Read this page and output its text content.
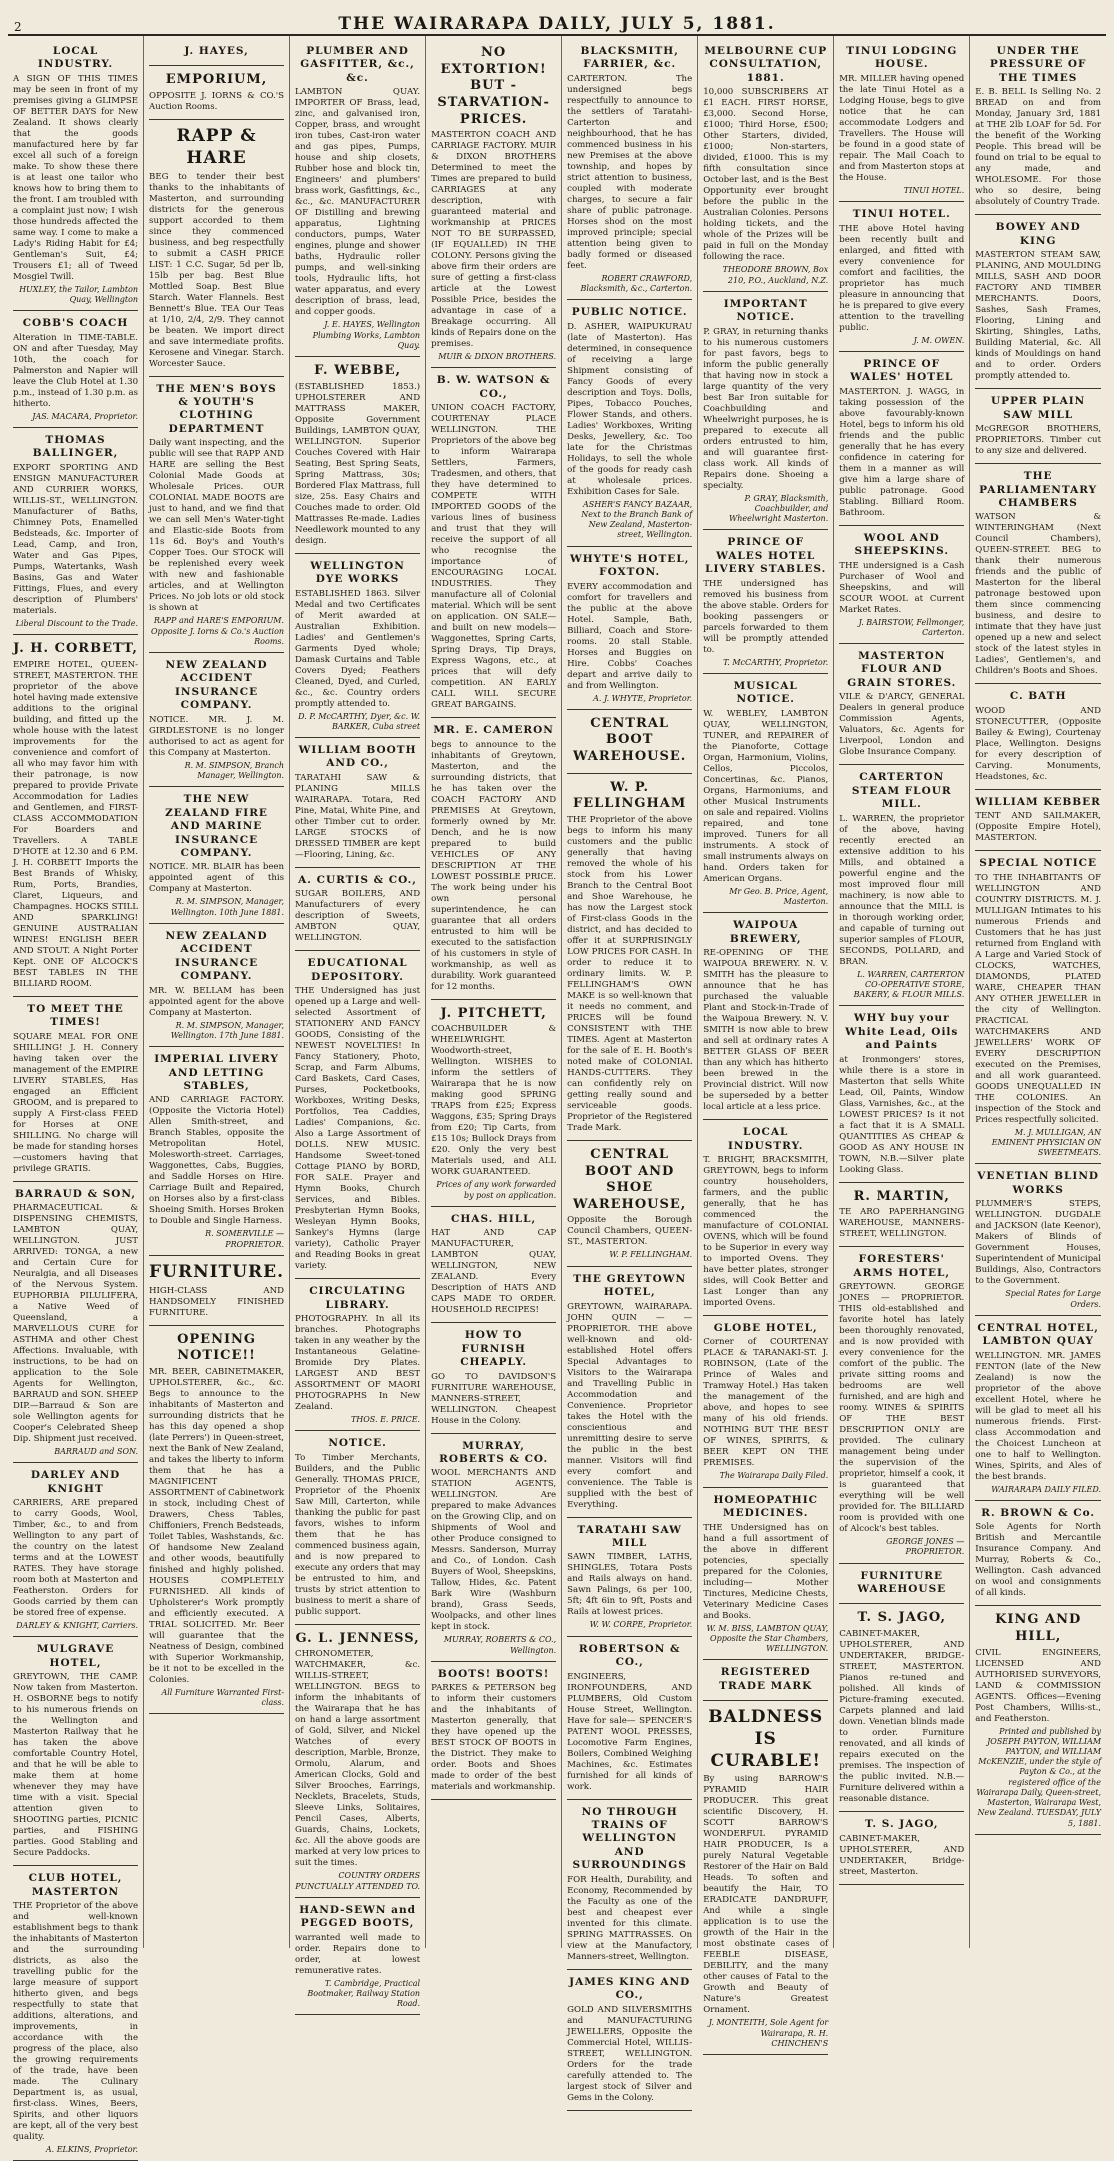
2	THE WAIRARAPA DAILY, JULY 5, 1881.
LOCAL INDUSTRY.
A SIGN OF THIS TIMES may be seen in front of my premises giving a GLIMPSE OF BETTER DAYS for New Zealand. It shows clearly that the goods manufactured here by far excel all such of a foreign make. To show these there is at least one tailor who knows how to bring them to the front. I am troubled with a complaint just now; I wish those hundreds affected the same way. I come to make a Lady's Riding Habit for £4; Gentleman's Suit, £4; Trousers £1; all of Tweed Mosgiel Twill.
HUXLEY, the Tailor, Lambton Quay, Wellington
COBB'S COACH
Alteration in TIME-TABLE. ON and after Tuesday, May 10th, the coach for Palmerston and Napier will leave the Club Hotel at 1.30 p.m., instead of 1.30 p.m. as hitherto.
JAS. MACARA, Proprietor.
THOMAS BALLINGER,
EXPORT SPORTING AND ENSIGN MANUFACTURER AND CURRIER WORKS, WILLIS-ST., WELLINGTON. Manufacturer of Baths, Chimney Pots, Enamelled Bedsteads, &c. Importer of Lead, Camp, and Iron, Water and Gas Pipes, Pumps, Watertanks, Wash Basins, Gas and Water Fittings, Flues, and every description of Plumbers' materials.
Liberal Discount to the Trade.
J. H. CORBETT,
EMPIRE HOTEL, QUEEN-STREET, MASTERTON. THE proprietor of the above hotel having made extensive additions to the original building, and fitted up the whole house with the latest improvements for the convenience and comfort of all who may favor him with their patronage, is now prepared to provide Private Accommodation for Ladies and Gentlemen, and FIRST-CLASS ACCOMMODATION For Boarders and Travellers. A TABLE D'HOTE at 12.30 and 6 P.M. J. H. CORBETT Imports the Best Brands of Whisky, Rum, Ports, Brandies, Claret, Liqueurs, and Champagnes. HOCKS STILL AND SPARKLING! GENUINE AUSTRALIAN WINES! ENGLISH BEER AND STOUT. A Night Porter Kept. ONE OF ALCOCK'S BEST TABLES IN THE BILLIARD ROOM.
TO MEET THE TIMES!
SQUARE MEAL FOR ONE SHILLING! J. H. Connery having taken over the management of the EMPIRE LIVERY STABLES, Has engaged an Efficient GROOM, and is prepared to supply A First-class FEED for Horses at ONE SHILLING. No charge will be made for standing horses—customers having that privilege GRATIS.
BARRAUD & SON,
PHARMACEUTICAL & DISPENSING CHEMISTS, LAMBTON QUAY, WELLINGTON. JUST ARRIVED: TONGA, a new and Certain Cure for Neuralgia, and all Diseases of the Nervous System. EUPHORBIA PILULIFERA, a Native Weed of Queensland, a MARVELLOUS CURE for ASTHMA and other Chest Affections. Invaluable, with instructions, to be had on application to the Sole Agents for Wellington, BARRAUD and SON. SHEEP DIP.—Barraud & Son are sole Wellington agents for Cooper's Celebrated Sheep Dip. Shipment just received.
BARRAUD and SON.
DARLEY AND KNIGHT
CARRIERS, ARE prepared to carry Goods, Wool, Timber, &c., to and from Wellington to any part of the country on the latest terms and at the LOWEST RATES. They have storage room both at Masterton and Featherston. Orders for Goods carried by them can be stored free of expense.
DARLEY & KNIGHT, Carriers.
MULGRAVE HOTEL,
GREYTOWN, THE CAMP. Now taken from Masterton. H. OSBORNE begs to notify to his numerous friends on the Wellington and Masterton Railway that he has taken the above comfortable Country Hotel, and that he will be able to make them at home whenever they may have time with a visit. Special attention given to SHOOTING parties, PICNIC parties, and FISHING parties. Good Stabling and Secure Paddocks.
CLUB HOTEL, MASTERTON
THE Proprietor of the above and well-known establishment begs to thank the inhabitants of Masterton and the surrounding districts, as also the travelling public for the large measure of support hitherto given, and begs respectfully to state that additions, alterations, and improvements, in accordance with the progress of the place, also the growing requirements of the trade, have been made. The Culinary Department is, as usual, first-class. Wines, Beers, Spirits, and other liquors are kept, all of the very best quality.
A. ELKINS, Proprietor.
J. HAYES,
EMPORIUM,
OPPOSITE J. IORNS & CO.'S Auction Rooms.
RAPP & HARE
BEG to tender their best thanks to the inhabitants of Masterton, and surrounding districts for the generous support accorded to them since they commenced business, and beg respectfully to submit a CASH PRICE LIST: 1 C.C. Sugar, 5d per lb, 15lb per bag. Best Blue Mottled Soap. Best Blue Starch. Water Flannels. Best Bennett's Blue. TEA Our Teas at 1/10, 2/4, 2/9. They cannot be beaten. We import direct and save intermediate profits. Kerosene and Vinegar. Starch. Worcester Sauce.
THE MEN'S BOYS & YOUTH'S CLOTHING DEPARTMENT
Daily want inspecting, and the public will see that RAPP AND HARE are selling the Best Colonial Made Goods at Wholesale Prices. OUR COLONIAL MADE BOOTS are just to hand, and we find that we can sell Men's Water-tight and Elastic-side Boots from 11s 6d. Boy's and Youth's Copper Toes. Our STOCK will be replenished every week with new and fashionable articles, and at Wellington Prices. No job lots or old stock is shown at
RAPP and HARE'S EMPORIUM. Opposite J. Iorns & Co.'s Auction Rooms.
NEW ZEALAND ACCIDENT INSURANCE COMPANY.
NOTICE. MR. J. M. GIRDLESTONE is no longer authorised to act as agent for this Company at Masterton.
R. M. SIMPSON, Branch Manager, Wellington.
THE NEW ZEALAND FIRE AND MARINE INSURANCE COMPANY.
NOTICE. MR. BLAIR has been appointed agent of this Company at Masterton.
R. M. SIMPSON, Manager, Wellington. 10th June 1881.
NEW ZEALAND ACCIDENT INSURANCE COMPANY.
MR. W. BELLAM has been appointed agent for the above Company at Masterton.
R. M. SIMPSON, Manager, Wellington. 17th June 1881.
IMPERIAL LIVERY AND LETTING STABLES,
AND CARRIAGE FACTORY. (Opposite the Victoria Hotel) Allen Smith-street, and Branch Stables, opposite the Metropolitan Hotel, Molesworth-street. Carriages, Waggonettes, Cabs, Buggies, and Saddle Horses on Hire. Carriage Built and Repaired, on Horses also by a first-class Shoeing Smith. Horses Broken to Double and Single Harness.
R. SOMERVILLE — PROPRIETOR.
FURNITURE.
HIGH-CLASS AND HANDSOMELY FINISHED FURNITURE.
OPENING NOTICE!!
MR. BEER, CABINETMAKER, UPHOLSTERER, &c., &c. Begs to announce to the inhabitants of Masterton and surrounding districts that he has this day opened a shop (late Perrers') in Queen-street, next the Bank of New Zealand, and takes the liberty to inform them that he has a MAGNIFICENT ASSORTMENT of Cabinetwork in stock, including Chest of Drawers, Chess Tables, Chiffoniers, French Bedsteads, Toilet Tables, Washstands, &c. Of handsome New Zealand and other woods, beautifully finished and highly polished. HOUSES COMPLETELY FURNISHED. All kinds of Upholsterer's Work promptly and efficiently executed. A TRIAL SOLICITED. Mr. Beer will guarantee that the Neatness of Design, combined with Superior Workmanship, be it not to be excelled in the Colonies.
All Furniture Warranted First-class.
PLUMBER AND GASFITTER, &c., &c.
LAMBTON QUAY. IMPORTER OF Brass, lead, zinc, and galvanised iron, Copper, brass, and wrought iron tubes, Cast-iron water and gas pipes, Pumps, house and ship closets, Rubber hose and block tin, Engineers' and plumbers' brass work, Gasfittings, &c., &c., &c. MANUFACTURER OF Distilling and brewing apparatus, Lightning conductors, pumps, Water engines, plunge and shower baths, Hydraulic roller pumps, and well-sinking tools, Hydraulic lifts, hot water apparatus, and every description of brass, lead, and copper goods.
J. E. HAYES, Wellington Plumbing Works, Lambton Quay.
F. WEBBE,
(ESTABLISHED 1853.) UPHOLSTERER AND MATTRASS MAKER, Opposite Government Buildings, LAMBTON QUAY, WELLINGTON. Superior Couches Covered with Hair Seating, Best Spring Seats, Spring Mattrass, 30s; Bordered Flax Mattrass, full size, 25s. Easy Chairs and Couches made to order. Old Mattrasses Re-made. Ladies Needlework mounted to any design.
WELLINGTON DYE WORKS
ESTABLISHED 1863. Silver Medal and two Certificates of Merit awarded at Australian Exhibition. Ladies' and Gentlemen's Garments Dyed whole; Damask Curtains and Table Covers Dyed; Feathers Cleaned, Dyed, and Curled, &c., &c. Country orders promptly attended to.
D. P. McCARTHY, Dyer, &c. W. BARKER, Cuba street
WILLIAM BOOTH AND CO.,
TARATAHI SAW & PLANING MILLS WAIRARAPA. Totara, Red Pine, Matai, White Pine, and other Timber cut to order. LARGE STOCKS of DRESSED TIMBER are kept—Flooring, Lining, &c.
A. CURTIS & CO.,
SUGAR BOILERS, AND Manufacturers of every description of Sweets, AMBTON QUAY, WELLINGTON.
EDUCATIONAL DEPOSITORY.
THE Undersigned has just opened up a Large and well-selected Assortment of STATIONERY AND FANCY GOODS, Consisting of the NEWEST NOVELTIES! In Fancy Stationery, Photo, Scrap, and Farm Albums, Card Baskets, Card Cases, Purses, Pocketbooks, Workboxes, Writing Desks, Portfolios, Tea Caddies, Ladies' Companions, &c. Also a Large Assortment of DOLLS. NEW MUSIC. Handsome Sweet-toned Cottage PIANO by BORD, FOR SALE. Prayer and Hymn Books, Church Services, and Bibles. Presbyterian Hymn Books, Wesleyan Hymn Books, Sankey's Hymns (large variety), Catholic Prayer and Reading Books in great variety.
CIRCULATING LIBRARY.
PHOTOGRAPHY. In all its branches. Photographs taken in any weather by the Instantaneous Gelatine-Bromide Dry Plates. LARGEST AND BEST ASSORTMENT OF MAORI PHOTOGRAPHS In New Zealand.
THOS. E. PRICE.
NOTICE.
To Timber Merchants, Builders, and the Public Generally. THOMAS PRICE, Proprietor of the Phoenix Saw Mill, Carterton, while thanking the public for past favors, wishes to inform them that he has commenced business again, and is now prepared to execute any orders that may be entrusted to him, and trusts by strict attention to business to merit a share of public support.
G. L. JENNESS,
CHRONOMETER, WATCHMAKER, &c. WILLIS-STREET, WELLINGTON. BEGS to inform the inhabitants of the Wairarapa that he has on hand a large assortment of Gold, Silver, and Nickel Watches of every description, Marble, Bronze, Ormolu, Alarum, and American Clocks, Gold and Silver Brooches, Earrings, Necklets, Bracelets, Studs, Sleeve Links, Solitaires, Pencil Cases, Alberts, Guards, Chains, Lockets, &c. All the above goods are marked at very low prices to suit the times.
COUNTRY ORDERS PUNCTUALLY ATTENDED TO.
HAND-SEWN and PEGGED BOOTS,
warranted well made to order. Repairs done to order, at lowest remunerative rates.
T. Cambridge, Practical Bootmaker, Railway Station Road.
NO EXTORTION! BUT -STARVATION- PRICES.
MASTERTON COACH AND CARRIAGE FACTORY. MUIR & DIXON BROTHERS Determined to meet the Times are prepared to build CARRIAGES at any description, with guaranteed material and workmanship at PRICES NOT TO BE SURPASSED, (IF EQUALLED) IN THE COLONY. Persons giving the above firm their orders are sure of getting a first-class article at the Lowest Possible Price, besides the advantage in case of a Breakage occurring. All kinds of Repairs done on the premises.
MUIR & DIXON BROTHERS.
B. W. WATSON & CO.,
UNION COACH FACTORY, COURTENAY PLACE WELLINGTON. THE Proprietors of the above beg to inform Wairarapa Settlers, Farmers, Tradesmen, and others, that they have determined to COMPETE WITH IMPORTED GOODS of the various lines of business and trust that they will receive the support of all who recognise the importance of ENCOURAGING LOCAL INDUSTRIES. They manufacture all of Colonial material. Which will be sent on application. ON SALE—and built on new models—Waggonettes, Spring Carts, Spring Drays, Tip Drays, Express Wagons, etc., at prices that will defy competition. AN EARLY CALL WILL SECURE GREAT BARGAINS.
MR. E. CAMERON
begs to announce to the inhabitants of Greytown, Masterton, and the surrounding districts, that he has taken over the COACH FACTORY AND PREMISES At Greytown, formerly owned by Mr. Dench, and he is now prepared to build VEHICLES OF ANY DESCRIPTION AT THE LOWEST POSSIBLE PRICE. The work being under his own personal superintendence, he can guarantee that all orders entrusted to him will be executed to the satisfaction of his customers in style of workmanship, as well as durability. Work guaranteed for 12 months.
J. PITCHETT,
COACHBUILDER & WHEELWRIGHT. Woodworth-street, Wellington. WISHES to inform the settlers of Wairarapa that he is now making good SPRING TRAPS from £25; Express Waggons, £35; Spring Drays from £20; Tip Carts, from £15 10s; Bullock Drays from £20. Only the very best Materials used, and ALL WORK GUARANTEED.
Prices of any work forwarded by post on application.
CHAS. HILL,
HAT AND CAP MANUFACTURER, LAMBTON QUAY, WELLINGTON, NEW ZEALAND. Every Description of HATS AND CAPS MADE TO ORDER. HOUSEHOLD RECIPES!
HOW TO FURNISH CHEAPLY.
GO TO DAVIDSON'S FURNITURE WAREHOUSE, MANNERS-STREET, WELLINGTON. Cheapest House in the Colony.
MURRAY, ROBERTS & CO.
WOOL MERCHANTS AND STATION AGENTS, WELLINGTON. Are prepared to make Advances on the Growing Clip, and on Shipments of Wool and other Produce consigned to Messrs. Sanderson, Murray and Co., of London. Cash Buyers of Wool, Sheepskins, Tallow, Hides, &c. Patent Bark Wire (Washburn brand), Grass Seeds, Woolpacks, and other lines kept in stock.
MURRAY, ROBERTS & CO., Wellington.
BOOTS! BOOTS!
PARKES & PETERSON beg to inform their customers and the inhabitants of Masterton generally, that they have opened up the BEST STOCK OF BOOTS in the District. They make to order. Boots and Shoes made to order of the best materials and workmanship.
BLACKSMITH, FARRIER, &c.
CARTERTON. The undersigned begs respectfully to announce to the settlers of Taratahi-Carterton and neighbourhood, that he has commenced business in his new Premises at the above township, and hopes by strict attention to business, coupled with moderate charges, to secure a fair share of public patronage. Horses shod on the most improved principle; special attention being given to badly formed or diseased feet.
ROBERT CRAWFORD, Blacksmith, &c., Carterton.
PUBLIC NOTICE.
D. ASHER, WAIPUKURAU (late of Masterton). Has determined, in consequence of receiving a large Shipment consisting of Fancy Goods of every description and Toys. Dolls, Pipes, Tobacco Pouches, Flower Stands, and others. Ladies' Workboxes, Writing Desks, Jewellery, &c. Too late for the Christmas Holidays, to sell the whole of the goods for ready cash at wholesale prices. Exhibition Cases for Sale.
ASHER'S FANCY BAZAAR, Next to the Branch Bank of New Zealand, Masterton-street, Wellington.
WHYTE'S HOTEL, FOXTON.
EVERY accommodation and comfort for travellers and the public at the above Hotel. Sample, Bath, Billiard, Coach and Store-rooms. 20 stall Stable. Horses and Buggies on Hire. Cobbs' Coaches depart and arrive daily to and from Wellington.
A. J. WHYTE, Proprietor.
CENTRAL BOOT WAREHOUSE.
W. P. FELLINGHAM
THE Proprietor of the above begs to inform his many customers and the public generally that having removed the whole of his stock from his Lower Branch to the Central Boot and Shoe Warehouse, he has now the Largest stock of First-class Goods in the district, and has decided to offer it at SURPRISINGLY LOW PRICES FOR CASH. In order to reduce it to ordinary limits. W. P. FELLINGHAM'S OWN MAKE is so well-known that it needs no comment, and PRICES will be found CONSISTENT with THE TIMES. Agent at Masterton for the sale of E. H. Booth's noted make of COLONIAL HANDS-CUTTERS. They can confidently rely on getting really sound and serviceable goods. Proprietor of the Registered Trade Mark.
CENTRAL BOOT AND SHOE WAREHOUSE,
Opposite the Borough Council Chambers, QUEEN-ST., MASTERTON.
W. P. FELLINGHAM.
THE GREYTOWN HOTEL,
GREYTOWN, WAIRARAPA. JOHN QUIN — — PROPRIETOR. THE above well-known and old-established Hotel offers Special Advantages to Visitors to the Wairarapa and Travelling Public in Accommodation and Convenience. Proprietor takes the Hotel with the conscientious and unremitting desire to serve the public in the best manner. Visitors will find every comfort and convenience. The Table is supplied with the best of Everything.
TARATAHI SAW MILL
SAWN TIMBER, LATHS, SHINGLES, Totara Posts and Rails always on hand. Sawn Palings, 6s per 100, 5ft; 4ft 6in to 9ft, Posts and Rails at lowest prices.
W. W. CORPE, Proprietor.
ROBERTSON & CO.,
ENGINEERS, IRONFOUNDERS, AND PLUMBERS, Old Custom House Street, Wellington. Have for sale— SPENCER'S PATENT WOOL PRESSES, Locomotive Farm Engines, Boilers, Combined Weighing Machines, &c. Estimates furnished for all kinds of work.
NO THROUGH TRAINS OF WELLINGTON AND SURROUNDINGS
FOR Health, Durability, and Economy, Recommended by the Faculty as one of the best and cheapest ever invented for this climate. SPRING MATTRASSES. On view at the Manufactory, Manners-street, Wellington.
JAMES KING AND CO.,
GOLD AND SILVERSMITHS and MANUFACTURING JEWELLERS, Opposite the Commercial Hotel, WILLIS-STREET, WELLINGTON. Orders for the trade carefully attended to. The largest stock of Silver and Gems in the Colony.
MELBOURNE CUP CONSULTATION, 1881.
10,000 SUBSCRIBERS AT £1 EACH. FIRST HORSE, £3,000. Second Horse, £1000; Third Horse, £500; Other Starters, divided, £1000; Non-starters, divided, £1000. This is my fifth consultation since October last, and is the Best Opportunity ever brought before the public in the Australian Colonies. Persons holding tickets, and the whole of the Prizes will be paid in full on the Monday following the race.
THEODORE BROWN, Box 210, P.O., Auckland, N.Z.
IMPORTANT NOTICE.
P. GRAY, in returning thanks to his numerous customers for past favors, begs to inform the public generally that having now in stock a large quantity of the very best Bar Iron suitable for Coachbuilding and Wheelwright purposes, he is prepared to execute all orders entrusted to him, and will guarantee first-class work. All kinds of Repairs done. Shoeing a specialty.
P. GRAY, Blacksmith, Coachbuilder, and Wheelwright Masterton.
PRINCE OF WALES HOTEL LIVERY STABLES.
THE undersigned has removed his business from the above stable. Orders for booking passengers or parcels forwarded to them will be promptly attended to.
T. McCARTHY, Proprietor.
MUSICAL NOTICE.
W. WEBLEY, LAMBTON QUAY, WELLINGTON, TUNER, and REPAIRER of the Pianoforte, Cottage Organ, Harmonium, Violins, Cellos, Piccolos, Concertinas, &c. Pianos, Organs, Harmoniums, and other Musical Instruments on sale and repaired. Violins repaired, and tone improved. Tuners for all instruments. A stock of small instruments always on hand. Orders taken for American Organs.
Mr Geo. B. Price, Agent, Masterton.
WAIPOUA BREWERY,
RE-OPENING OF THE WAIPOUA BREWERY. N. V. SMITH has the pleasure to announce that he has purchased the valuable Plant and Stock-in-Trade of the Waipoua Brewery. N. V. SMITH is now able to brew and sell at ordinary rates A BETTER GLASS OF BEER than any which has hitherto been brewed in the Provincial district. Will now be superseded by a better local article at a less price.
LOCAL INDUSTRY.
T. BRIGHT, BRACKSMITH, GREYTOWN, begs to inform country householders, farmers, and the public generally, that he has commenced the manufacture of COLONIAL OVENS, which will be found to be Superior in every way to imported Ovens. They have better plates, stronger sides, will Cook Better and Last Longer than any imported Ovens.
GLOBE HOTEL,
Corner of COURTENAY PLACE & TARANAKI-ST. J. ROBINSON, (Late of the Prince of Wales and Tramway Hotel.) Has taken the management of the above, and hopes to see many of his old friends. NOTHING BUT THE BEST OF WINES, SPIRITS, & BEER KEPT ON THE PREMISES.
The Wairarapa Daily Filed.
HOMEOPATHIC MEDICINES.
THE Undersigned has on hand a full assortment of the above in different potencies, specially prepared for the Colonies, including— Mother Tinctures, Medicine Chests, Veterinary Medicine Cases and Books.
W. M. BISS, LAMBTON QUAY, Opposite the Star Chambers, WELLINGTON.
REGISTERED TRADE MARK
BALDNESS IS CURABLE!
By using BARROW'S PYRAMID HAIR PRODUCER. This great scientific Discovery, H. SCOTT BARROW'S WONDERFUL PYRAMID HAIR PRODUCER, Is a purely Natural Vegetable Restorer of the Hair on Bald Heads. To soften and beautify the Hair, TO ERADICATE DANDRUFF, And while a single application is to use the growth of the Hair in the most obstinate cases of FEEBLE DISEASE, DEBILITY, and the many other causes of Fatal to the Growth and Beauty of Nature's Greatest Ornament.
J. MONTEITH, Sole Agent for Wairarapa, R. H. CHINCHEN'S
TINUI LODGING HOUSE.
MR. MILLER having opened the late Tinui Hotel as a Lodging House, begs to give notice that he can accommodate Lodgers and Travellers. The House will be found in a good state of repair. The Mail Coach to and from Masterton stops at the House.
TINUI HOTEL.
TINUI HOTEL.
THE above Hotel having been recently built and enlarged, and fitted with every convenience for comfort and facilities, the proprietor has much pleasure in announcing that he is prepared to give every attention to the travelling public.
J. M. OWEN.
PRINCE OF WALES' HOTEL
MASTERTON. J. WAGG, in taking possession of the above favourably-known Hotel, begs to inform his old friends and the public generally that he has every confidence in catering for them in a manner as will give him a large share of public patronage. Good Stabling. Billiard Room. Bathroom.
WOOL AND SHEEPSKINS.
THE undersigned is a Cash Purchaser of Wool and Sheepskins, and will SCOUR WOOL at Current Market Rates.
J. BAIRSTOW, Fellmonger, Carterton.
MASTERTON FLOUR AND GRAIN STORES.
VILE & D'ARCY, GENERAL Dealers in general produce Commission Agents, Valuators, &c. Agents for Liverpool, London and Globe Insurance Company.
CARTERTON STEAM FLOUR MILL.
L. WARREN, the proprietor of the above, having recently erected an extensive addition to his Mills, and obtained a powerful engine and the most improved flour mill machinery, is now able to announce that the MILL is in thorough working order, and capable of turning out superior samples of FLOUR, SECONDS, POLLARD, and BRAN.
L. WARREN, CARTERTON CO-OPERATIVE STORE, BAKERY, & FLOUR MILLS.
WHY buy your White Lead, Oils and Paints
at Ironmongers' stores, while there is a store in Masterton that sells White Lead, Oil, Paints, Window Glass, Varnishes, &c., at the LOWEST PRICES? Is it not a fact that it is A SMALL QUANTITIES AS CHEAP & GOOD AS ANY HOUSE IN TOWN, N.B.—Silver plate Looking Glass.
R. MARTIN,
TE ARO PAPERHANGING WAREHOUSE, MANNERS-STREET, WELLINGTON.
FORESTERS' ARMS HOTEL,
GREYTOWN. GEORGE JONES — PROPRIETOR. THIS old-established and favorite hotel has lately been thoroughly renovated, and is now provided with every convenience for the comfort of the public. The private sitting rooms and bedrooms are well furnished, and are high and roomy. WINES & SPIRITS OF THE BEST DESCRIPTION ONLY are provided. The culinary management being under the supervision of the proprietor, himself a cook, it is guaranteed that everything will be well provided for. The BILLIARD room is provided with one of Alcock's best tables.
GEORGE JONES — PROPRIETOR.
FURNITURE WAREHOUSE
T. S. JAGO,
CABINET-MAKER, UPHOLSTERER, AND UNDERTAKER, BRIDGE-STREET, MASTERTON. Pianos re-tuned and polished. All kinds of Picture-framing executed. Carpets planned and laid down. Venetian blinds made to order. Furniture renovated, and all kinds of repairs executed on the premises. The inspection of the public invited. N.B.—Furniture delivered within a reasonable distance.
T. S. JAGO,
CABINET-MAKER, UPHOLSTERER, AND UNDERTAKER, Bridge-street, Masterton.
UNDER THE PRESSURE OF THE TIMES
E. B. BELL Is Selling No. 2 BREAD on and from Monday, January 3rd, 1881 at THE 2lb LOAF for 5d. For the benefit of the Working People. This bread will be found on trial to be equal to any made, and WHOLESOME. For those who so desire, being absolutely of Country Trade.
BOWEY AND KING
MASTERTON STEAM SAW, PLANING, AND MOULDING MILLS, SASH AND DOOR FACTORY AND TIMBER MERCHANTS. Doors, Sashes, Sash Frames, Flooring, Lining and Skirting, Shingles, Laths, Building Material, &c. All kinds of Mouldings on hand and to order. Orders promptly attended to.
UPPER PLAIN SAW MILL
McGREGOR BROTHERS, PROPRIETORS. Timber cut to any size and delivered.
THE PARLIAMENTARY CHAMBERS
WATSON & WINTERINGHAM (Next Council Chambers), QUEEN-STREET. BEG to thank their numerous friends and the public of Masterton for the liberal patronage bestowed upon them since commencing business, and desire to intimate that they have just opened up a new and select stock of the latest styles in Ladies', Gentlemen's, and Children's Boots and Shoes.
C. BATH
WOOD AND STONECUTTER, (Opposite Bailey & Ewing), Courtenay Place, Wellington. Designs for every description of Carving. Monuments, Headstones, &c.
WILLIAM KEBBER
TENT AND SAILMAKER, (Opposite Empire Hotel), MASTERTON.
SPECIAL NOTICE
TO THE INHABITANTS OF WELLINGTON AND COUNTRY DISTRICTS. M. J. MULLIGAN Intimates to his numerous Friends and Customers that he has just returned from England with A Large and Varied Stock of CLOCKS, WATCHES, DIAMONDS, PLATED WARE, CHEAPER THAN ANY OTHER JEWELLER in the city of Wellington. PRACTICAL WATCHMAKERS AND JEWELLERS' WORK OF EVERY DESCRIPTION executed on the Premises, and all work guaranteed. GOODS UNEQUALLED IN THE COLONIES. An inspection of the Stock and Prices respectfully solicited.
M. J. MULLIGAN, AN EMINENT PHYSICIAN ON SWEETMEATS.
VENETIAN BLIND WORKS
PLUMMER'S STEPS, WELLINGTON. DUGDALE and JACKSON (late Keenor), Makers of Blinds of Government Houses, Superintendent of Municipal Buildings, Also, Contractors to the Government.
Special Rates for Large Orders.
CENTRAL HOTEL, LAMBTON QUAY
WELLINGTON. MR. JAMES FENTON (late of the New Zealand) is now the proprietor of the above excellent Hotel, where he will be glad to meet all his numerous friends. First-class Accommodation and the Choicest Luncheon at one to half to Wellington. Wines, Spirits, and Ales of the best brands.
WAIRARAPA DAILY FILED.
R. BROWN & Co.
Sole Agents for North British and Mercantile Insurance Company. And Murray, Roberts & Co., Wellington. Cash advanced on wool and consignments of all kinds.
KING AND HILL,
CIVIL ENGINEERS, LICENSED AND AUTHORISED SURVEYORS, LAND & COMMISSION AGENTS. Offices—Evening Post Chambers, Willis-st., and Featherston.
Printed and published by JOSEPH PAYTON, WILLIAM PAYTON, and WILLIAM McKENZIE, under the style of Payton & Co., at the registered office of the Wairarapa Daily, Queen-street, Masterton, Wairarapa West, New Zealand. TUESDAY, JULY 5, 1881.
